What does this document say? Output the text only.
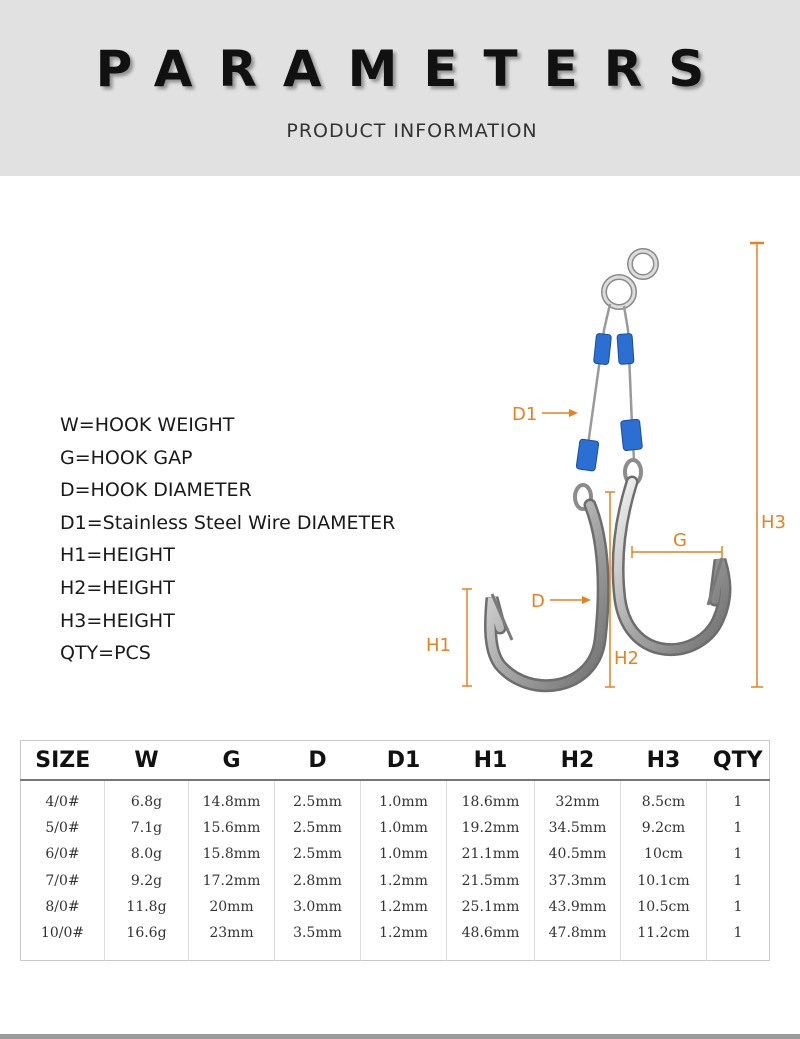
PARAMETERS
PRODUCT INFORMATION
W=HOOK WEIGHT
G=HOOK GAP
D=HOOK DIAMETER
D1=Stainless Steel Wire DIAMETER
H1=HEIGHT
H2=HEIGHT
H3=HEIGHT
QTY=PCS
D1
D
G
H1
H2
H3
SIZE	W	G	D	D1	H1	H2	H3	QTY
4/0#	6.8g	14.8mm	2.5mm	1.0mm	18.6mm	32mm	8.5cm	1
5/0#	7.1g	15.6mm	2.5mm	1.0mm	19.2mm	34.5mm	9.2cm	1
6/0#	8.0g	15.8mm	2.5mm	1.0mm	21.1mm	40.5mm	10cm	1
7/0#	9.2g	17.2mm	2.8mm	1.2mm	21.5mm	37.3mm	10.1cm	1
8/0#	11.8g	20mm	3.0mm	1.2mm	25.1mm	43.9mm	10.5cm	1
10/0#	16.6g	23mm	3.5mm	1.2mm	48.6mm	47.8mm	11.2cm	1
